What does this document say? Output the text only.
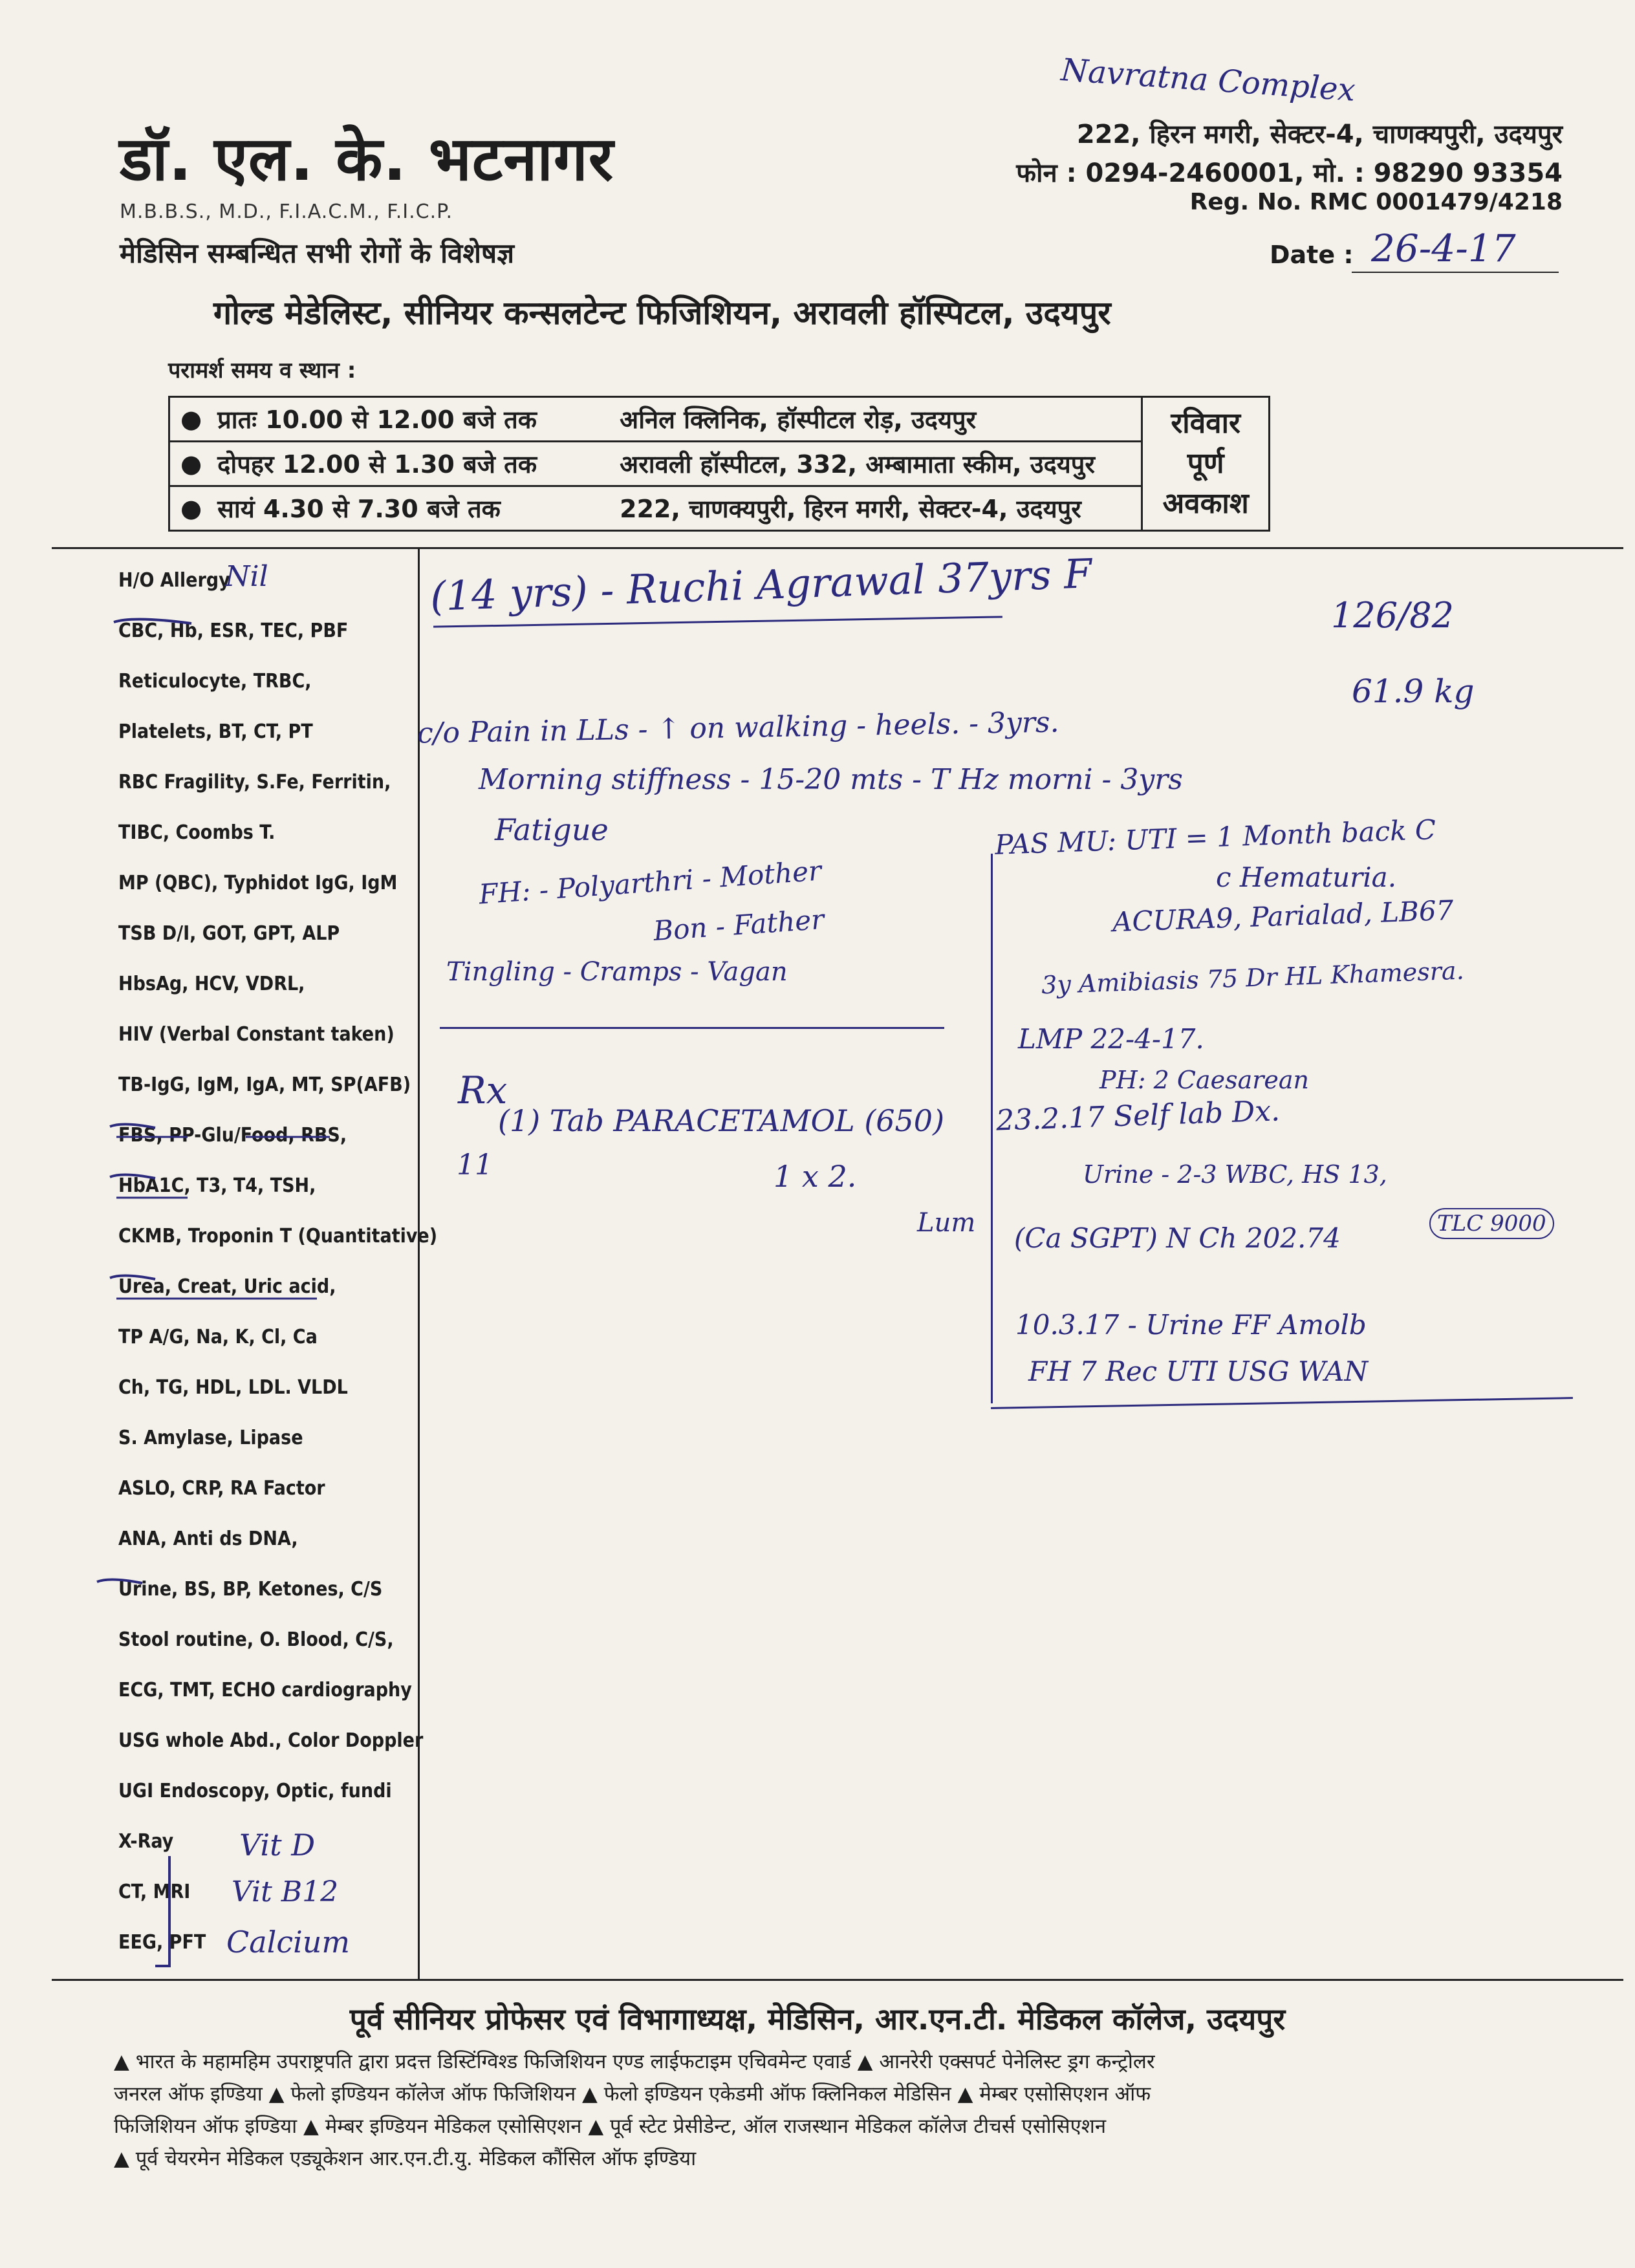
डॉ. एल. के. भटनागर
M.B.B.S., M.D., F.I.A.C.M., F.I.C.P.
मेडिसिन सम्बन्धित सभी रोगों के विशेषज्ञ
Navratna Complex
222, हिरन मगरी, सेक्टर-4, चाणक्यपुरी, उदयपुर
फोन : 0294-2460001, मो. : 98290 93354
Reg. No. RMC 0001479/4218
Date : 26-4-17
गोल्ड मेडेलिस्ट, सीनियर कन्सलटेन्ट फिजिशियन, अरावली हॉस्पिटल, उदयपुर
परामर्श समय व स्थान :
●	प्रातः 10.00 से 12.00 बजे तक	अनिल क्लिनिक, हॉस्पीटल रोड़, उदयपुर	रविवार
पूर्ण
अवकाश

●	दोपहर 12.00 से 1.30 बजे तक	अरावली हॉस्पीटल, 332, अम्बामाता स्कीम, उदयपुर	
●	सायं 4.30 से 7.30 बजे तक	222, चाणक्यपुरी, हिरन मगरी, सेक्टर-4, उदयपुर	
H/O Allergy
CBC, Hb, ESR, TEC, PBF
Reticulocyte, TRBC,
Platelets, BT, CT, PT
RBC Fragility, S.Fe, Ferritin,
TIBC, Coombs T.
MP (QBC), Typhidot IgG, IgM
TSB D/I, GOT, GPT, ALP
HbsAg, HCV, VDRL,
HIV (Verbal Constant taken)
TB-IgG, IgM, IgA, MT, SP(AFB)
FBS, PP-Glu/Food, RBS,
HbA1C, T3, T4, TSH,
CKMB, Troponin T (Quantitative)
Urea, Creat, Uric acid,
TP A/G, Na, K, Cl, Ca
Ch, TG, HDL, LDL. VLDL
S. Amylase, Lipase
ASLO, CRP, RA Factor
ANA, Anti ds DNA,
Urine, BS, BP, Ketones, C/S
Stool routine, O. Blood, C/S,
ECG, TMT, ECHO cardiography
USG whole Abd., Color Doppler
UGI Endoscopy, Optic, fundi
X-Ray
CT, MRI
EEG, PFT
Nil	(14 yrs) - Ruchi Agrawal 37yrs F	126/82
61.9 kg
c/o Pain in LLs - ↑ on walking - heels. - 3yrs.
Morning stiffness - 15-20 mts - T Hz morni - 3yrs
Fatigue
FH: - Polyarthri - Mother
Bon - Father
Tingling - Cramps - Vagan
Rx
(1) Tab PARACETAMOL (650)
11	1 x 2.
Lum
PAS MU: UTI = 1 Month back C
c Hematuria.
ACURA9, Parialad, LB67
3y Amibiasis 75 Dr HL Khamesra.
LMP 22-4-17.
PH: 2 Caesarean
23.2.17 Self lab Dx.
Urine - 2-3 WBC, HS 13,
(Ca SGPT) N Ch 202.74	TLC 9000
10.3.17 - Urine FF Amolb
FH 7 Rec UTI USG WAN
Vit D
Vit B12
Calcium
पूर्व सीनियर प्रोफेसर एवं विभागाध्यक्ष, मेडिसिन, आर.एन.टी. मेडिकल कॉलेज, उदयपुर
▲ भारत के महामहिम उपराष्ट्रपति द्वारा प्रदत्त डिस्टिंग्विश्ड फिजिशियन एण्ड लाईफटाइम एचिवमेन्ट एवार्ड ▲ आनरेरी एक्सपर्ट पेनेलिस्ट ड्रग कन्ट्रोलर
जनरल ऑफ इण्डिया ▲ फेलो इण्डियन कॉलेज ऑफ फिजिशियन ▲ फेलो इण्डियन एकेडमी ऑफ क्लिनिकल मेडिसिन ▲ मेम्बर एसोसिएशन ऑफ
फिजिशियन ऑफ इण्डिया ▲ मेम्बर इण्डियन मेडिकल एसोसिएशन ▲ पूर्व स्टेट प्रेसीडेन्ट, ऑल राजस्थान मेडिकल कॉलेज टीचर्स एसोसिएशन
▲ पूर्व चेयरमेन मेडिकल एड्यूकेशन आर.एन.टी.यु. मेडिकल कौंसिल ऑफ इण्डिया
